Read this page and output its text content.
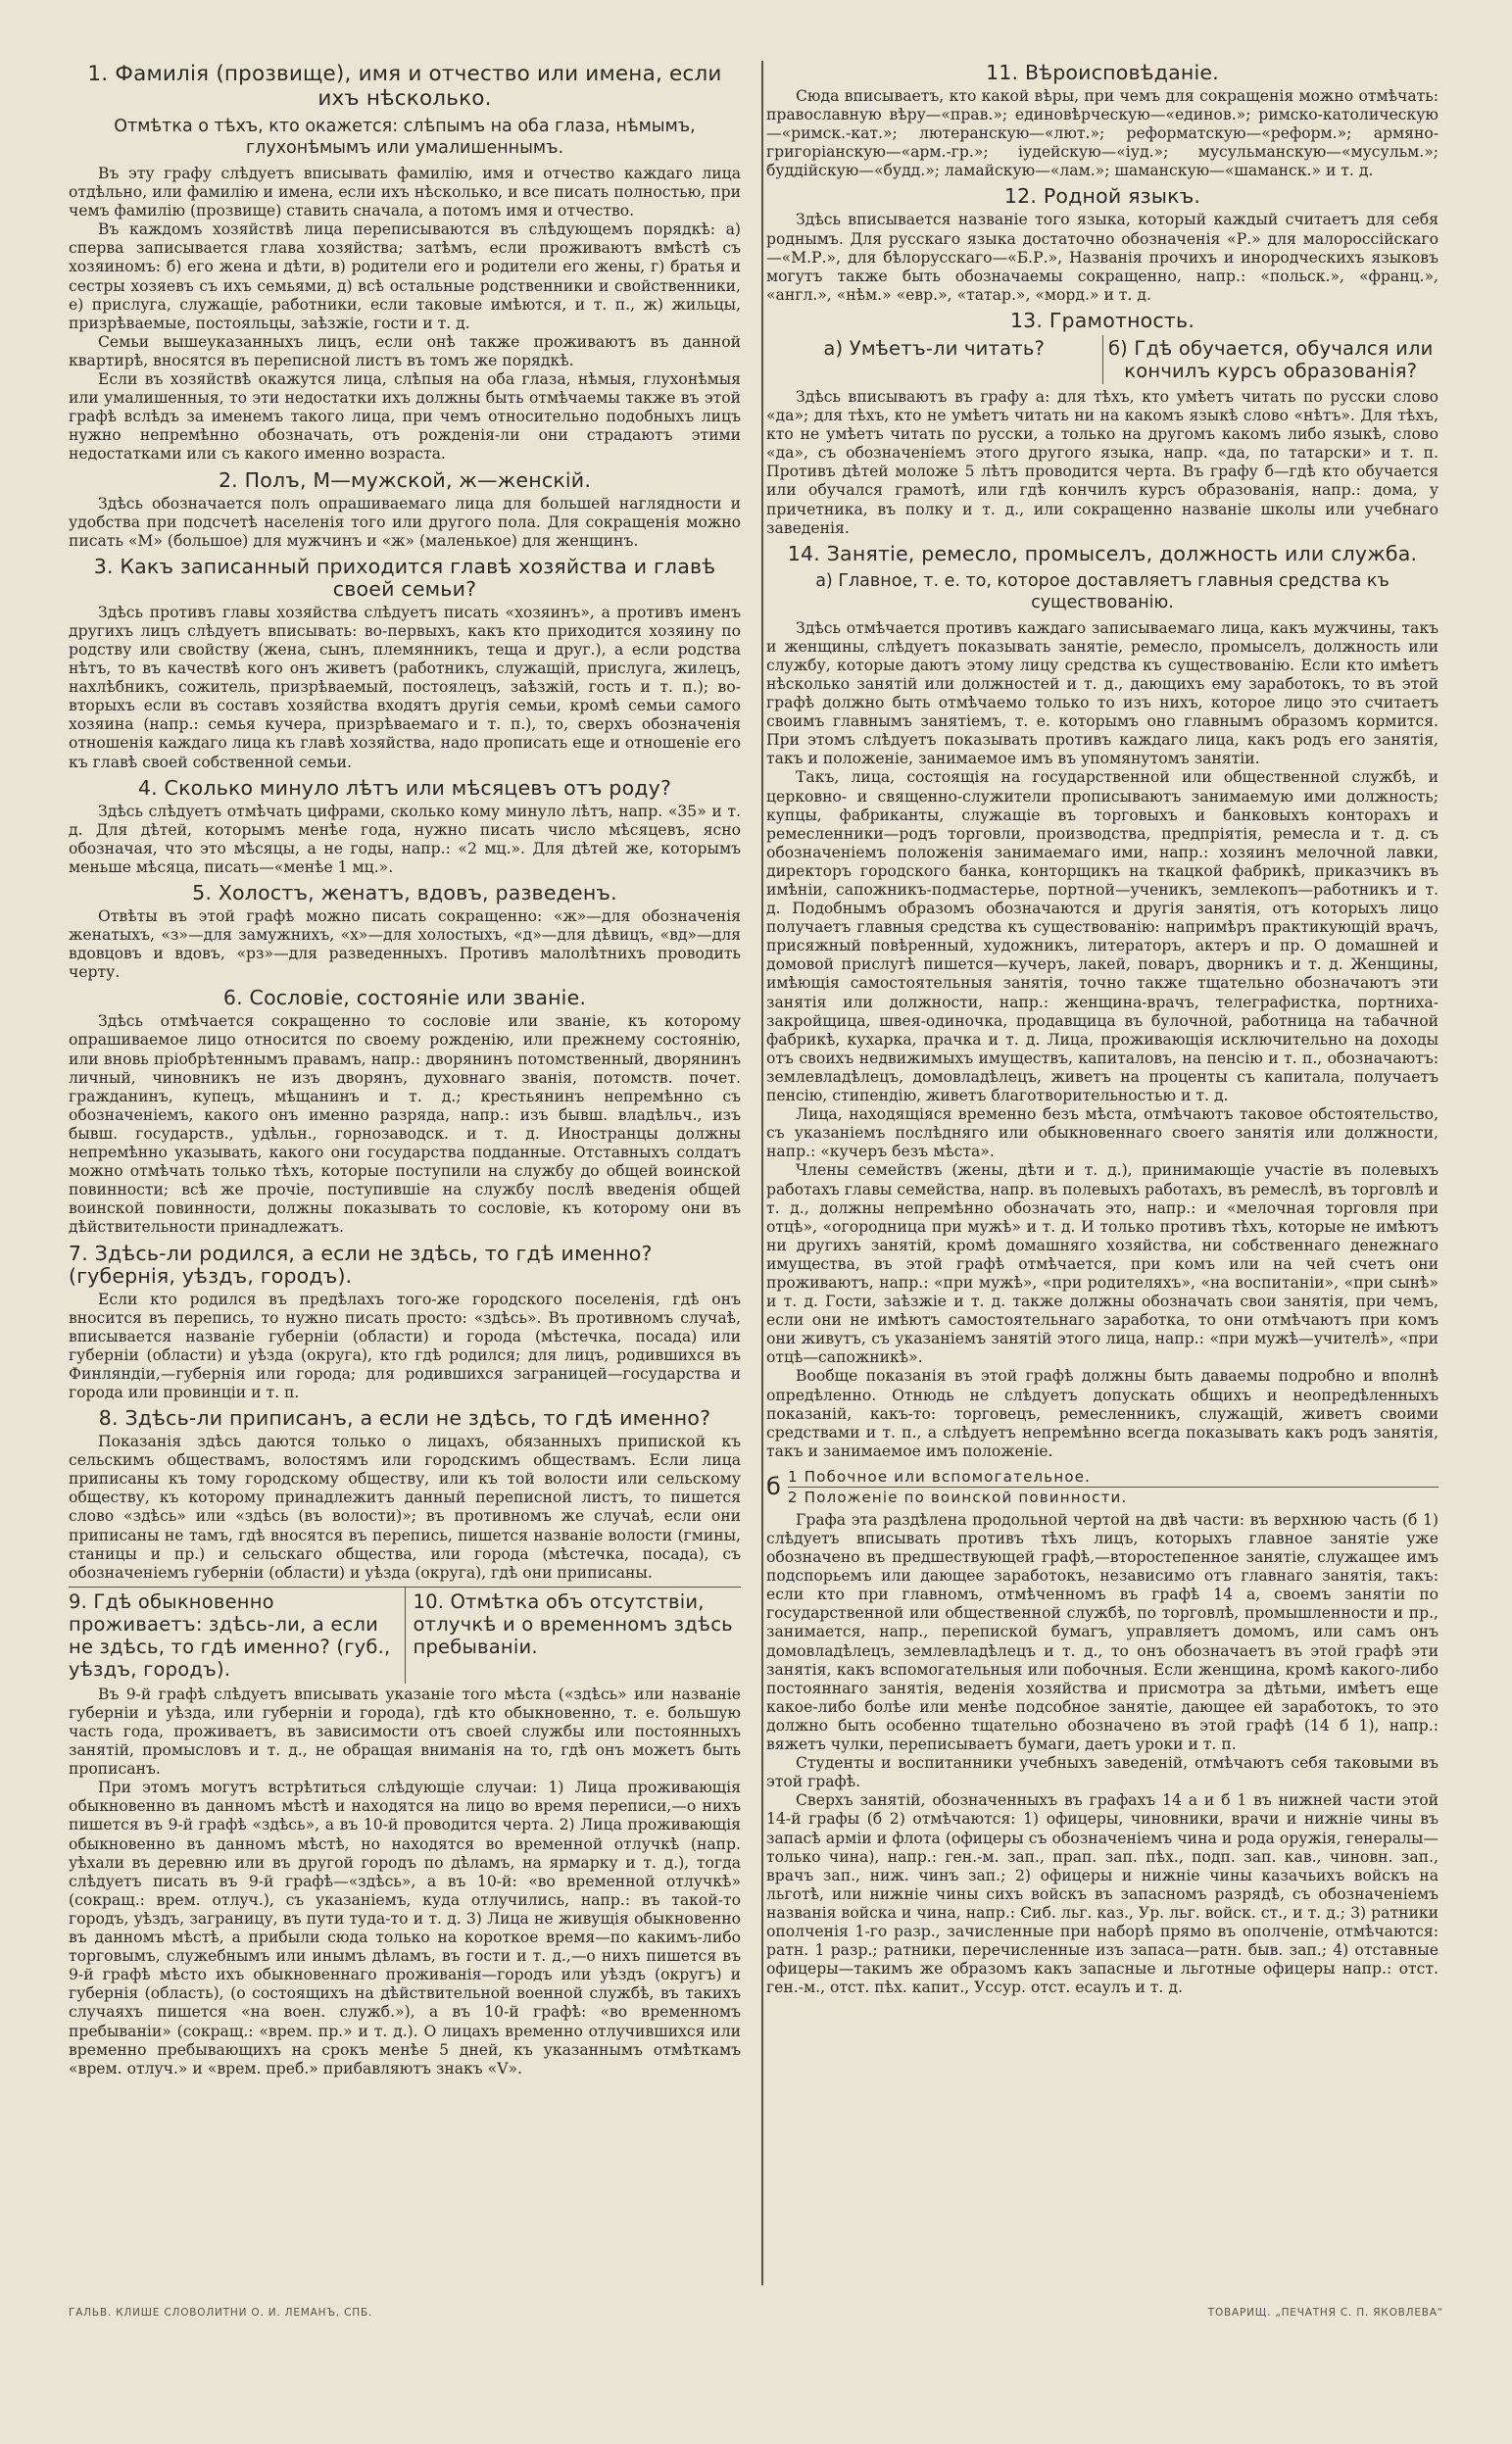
1. Фамилія (прозвище), имя и отчество или имена, если ихъ нѣсколько.
Отмѣтка о тѣхъ, кто окажется: слѣпымъ на оба глаза, нѣмымъ, глухонѣмымъ или умалишеннымъ.

Въ эту графу слѣдуетъ вписывать фамилію, имя и отчество каждаго лица отдѣльно, или фамилію и имена, если ихъ нѣсколько, и все писать полностью, при чемъ фамилію (прозвище) ставить сначала, а потомъ имя и отчество.

Въ каждомъ хозяйствѣ лица переписываются въ слѣдующемъ порядкѣ: а) сперва записывается глава хозяйства; затѣмъ, если проживаютъ вмѣстѣ съ хозяиномъ: б) его жена и дѣти, в) родители его и родители его жены, г) братья и сестры хозяевъ съ ихъ семьями, д) всѣ остальные родственники и свойственники, е) прислуга, служащіе, работники, если таковые имѣются, и т. п., ж) жильцы, призрѣваемые, постояльцы, заѣзжіе, гости и т. д.

Семьи вышеуказанныхъ лицъ, если онѣ также проживаютъ въ данной квартирѣ, вносятся въ переписной листъ въ томъ же порядкѣ.

Если въ хозяйствѣ окажутся лица, слѣпыя на оба глаза, нѣмыя, глухонѣмыя или умалишенныя, то эти недостатки ихъ должны быть отмѣчаемы также въ этой графѣ вслѣдъ за именемъ такого лица, при чемъ относительно подобныхъ лицъ нужно непремѣнно обозначать, отъ рожденія-ли они страдаютъ этими недостатками или съ какого именно возраста.

2. Полъ, М—мужской, ж—женскій.

Здѣсь обозначается полъ опрашиваемаго лица для большей наглядности и удобства при подсчетѣ населенія того или другого пола. Для сокращенія можно писать «М» (большое) для мужчинъ и «ж» (маленькое) для женщинъ.

3. Какъ записанный приходится главѣ хозяйства и главѣ своей семьи?

Здѣсь противъ главы хозяйства слѣдуетъ писать «хозяинъ», а противъ именъ другихъ лицъ слѣдуетъ вписывать: во-первыхъ, какъ кто приходится хозяину по родству или свойству (жена, сынъ, племянникъ, теща и друг.), а если родства нѣтъ, то въ качествѣ кого онъ живетъ (работникъ, служащій, прислуга, жилецъ, нахлѣбникъ, сожитель, призрѣваемый, постоялецъ, заѣзжій, гость и т. п.); во-вторыхъ если въ составъ хозяйства входятъ другія семьи, кромѣ семьи самого хозяина (напр.: семья кучера, призрѣваемаго и т. п.), то, сверхъ обозначенія отношенія каждаго лица къ главѣ хозяйства, надо прописать еще и отношеніе его къ главѣ своей собственной семьи.

4. Сколько минуло лѣтъ или мѣсяцевъ отъ роду?

Здѣсь слѣдуетъ отмѣчать цифрами, сколько кому минуло лѣтъ, напр. «35» и т. д. Для дѣтей, которымъ менѣе года, нужно писать число мѣсяцевъ, ясно обозначая, что это мѣсяцы, а не годы, напр.: «2 мц.». Для дѣтей же, которымъ меньше мѣсяца, писать—«менѣе 1 мц.».

5. Холостъ, женатъ, вдовъ, разведенъ.

Отвѣты въ этой графѣ можно писать сокращенно: «ж»—для обозначенія женатыхъ, «з»—для замужнихъ, «х»—для холостыхъ, «д»—для дѣвицъ, «вд»—для вдовцовъ и вдовъ, «рз»—для разведенныхъ. Противъ малолѣтнихъ проводить черту.

6. Сословіе, состояніе или званіе.

Здѣсь отмѣчается сокращенно то сословіе или званіе, къ которому опрашиваемое лицо относится по своему рожденію, или прежнему состоянію, или вновь пріобрѣтеннымъ правамъ, напр.: дворянинъ потомственный, дворянинъ личный, чиновникъ не изъ дворянъ, духовнаго званія, потомств. почет. гражданинъ, купецъ, мѣщанинъ и т. д.; крестьянинъ непремѣнно съ обозначеніемъ, какого онъ именно разряда, напр.: изъ бывш. владѣльч., изъ бывш. государств., удѣльн., горнозаводск. и т. д. Иностранцы должны непремѣнно указывать, какого они государства подданные. Отставныхъ солдатъ можно отмѣчать только тѣхъ, которые поступили на службу до общей воинской повинности; всѣ же прочіе, поступившіе на службу послѣ введенія общей воинской повинности, должны показывать то сословіе, къ которому они въ дѣйствительности принадлежатъ.

7. Здѣсь-ли родился, а если не здѣсь, то гдѣ именно? (губернія, уѣздъ, городъ).

Если кто родился въ предѣлахъ того-же городского поселенія, гдѣ онъ вносится въ перепись, то нужно писать просто: «здѣсь». Въ противномъ случаѣ, вписывается названіе губерніи (области) и города (мѣстечка, посада) или губерніи (области) и уѣзда (округа), кто гдѣ родился; для лицъ, родившихся въ Финляндіи,—губернія или города; для родившихся заграницей—государства и города или провинціи и т. п.

8. Здѣсь-ли приписанъ, а если не здѣсь, то гдѣ именно?

Показанія здѣсь даются только о лицахъ, обязанныхъ припиской къ сельскимъ обществамъ, волостямъ или городскимъ обществамъ. Если лица приписаны къ тому городскому обществу, или къ той волости или сельскому обществу, къ которому принадлежитъ данный переписной листъ, то пишется слово «здѣсь» или «здѣсь (въ волости)»; въ противномъ же случаѣ, если они приписаны не тамъ, гдѣ вносятся въ перепись, пишется названіе волости (гмины, станицы и пр.) и сельскаго общества, или города (мѣстечка, посада), съ обозначеніемъ губерніи (области) и уѣзда (округа), гдѣ они приписаны.

9. Гдѣ обыкновенно проживаетъ: здѣсь-ли, а если не здѣсь, то гдѣ именно? (губ., уѣздъ, городъ).
10. Отмѣтка объ отсутствіи, отлучкѣ и о временномъ здѣсь пребываніи.

Въ 9-й графѣ слѣдуетъ вписывать указаніе того мѣста («здѣсь» или названіе губерніи и уѣзда, или губерніи и города), гдѣ кто обыкновенно, т. е. большую часть года, проживаетъ, въ зависимости отъ своей службы или постоянныхъ занятій, промысловъ и т. д., не обращая вниманія на то, гдѣ онъ можетъ быть прописанъ.

При этомъ могутъ встрѣтиться слѣдующіе случаи: 1) Лица проживающія обыкновенно въ данномъ мѣстѣ и находятся на лицо во время переписи,—о нихъ пишется въ 9-й графѣ «здѣсь», а въ 10-й проводится черта. 2) Лица проживающія обыкновенно въ данномъ мѣстѣ, но находятся во временной отлучкѣ (напр. уѣхали въ деревню или въ другой городъ по дѣламъ, на ярмарку и т. д.), тогда слѣдуетъ писать въ 9-й графѣ—«здѣсь», а въ 10-й: «во временной отлучкѣ» (сокращ.: врем. отлуч.), съ указаніемъ, куда отлучились, напр.: въ такой-то городъ, уѣздъ, заграницу, въ пути туда-то и т. д. 3) Лица не живущія обыкновенно въ данномъ мѣстѣ, а прибыли сюда только на короткое время—по какимъ-либо торговымъ, служебнымъ или инымъ дѣламъ, въ гости и т. д.,—о нихъ пишется въ 9-й графѣ мѣсто ихъ обыкновеннаго проживанія—городъ или уѣздъ (округъ) и губернія (область), (о состоящихъ на дѣйствительной военной службѣ, въ такихъ случаяхъ пишется «на воен. служб.»), а въ 10-й графѣ: «во временномъ пребываніи» (сокращ.: «врем. пр.» и т. д.). О лицахъ временно отлучившихся или временно пребывающихъ на срокъ менѣе 5 дней, къ указаннымъ отмѣткамъ «врем. отлуч.» и «врем. преб.» прибавляютъ знакъ «V».

11. Вѣроисповѣданіе.

Сюда вписываетъ, кто какой вѣры, при чемъ для сокращенія можно отмѣчать: православную вѣру—«прав.»; единовѣрческую—«единов.»; римско-католическую—«римск.-кат.»; лютеранскую—«лют.»; реформатскую—«реформ.»; армяно-григоріанскую—«арм.-гр.»; іудейскую—«іуд.»; мусульманскую—«мусульм.»; буддійскую—«будд.»; ламайскую—«лам.»; шаманскую—«шаманск.» и т. д.

12. Родной языкъ.

Здѣсь вписывается названіе того языка, который каждый считаетъ для себя роднымъ. Для русскаго языка достаточно обозначенія «Р.» для малороссійскаго—«М.Р.», для бѣлорусскаго—«Б.Р.», Названія прочихъ и инородческихъ языковъ могутъ также быть обозначаемы сокращенно, напр.: «польск.», «франц.», «англ.», «нѣм.» «евр.», «татар.», «морд.» и т. д.

13. Грамотность.
а) Умѣетъ-ли читать?	б) Гдѣ обучается, обучался или кончилъ курсъ образованія?

Здѣсь вписываютъ въ графу а: для тѣхъ, кто умѣетъ читать по русски слово «да»; для тѣхъ, кто не умѣетъ читать ни на какомъ языкѣ слово «нѣтъ». Для тѣхъ, кто не умѣетъ читать по русски, а только на другомъ какомъ либо языкѣ, слово «да», съ обозначеніемъ этого другого языка, напр. «да, по татарски» и т. п. Противъ дѣтей моложе 5 лѣтъ проводится черта. Въ графу б—гдѣ кто обучается или обучался грамотѣ, или гдѣ кончилъ курсъ образованія, напр.: дома, у причетника, въ полку и т. д., или сокращенно названіе школы или учебнаго заведенія.

14. Занятіе, ремесло, промыселъ, должность или служба.
а) Главное, т. е. то, которое доставляетъ главныя средства къ существованію.

Здѣсь отмѣчается противъ каждаго записываемаго лица, какъ мужчины, такъ и женщины, слѣдуетъ показывать занятіе, ремесло, промыселъ, должность или службу, которые даютъ этому лицу средства къ существованію. Если кто имѣетъ нѣсколько занятій или должностей и т. д., дающихъ ему заработокъ, то въ этой графѣ должно быть отмѣчаемо только то изъ нихъ, которое лицо это считаетъ своимъ главнымъ занятіемъ, т. е. которымъ оно главнымъ образомъ кормится. При этомъ слѣдуетъ показывать противъ каждаго лица, какъ родъ его занятія, такъ и положеніе, занимаемое имъ въ упомянутомъ занятіи.

Такъ, лица, состоящія на государственной или общественной службѣ, и церковно- и священно-служители прописываютъ занимаемую ими должность; купцы, фабриканты, служащіе въ торговыхъ и банковыхъ конторахъ и ремесленники—родъ торговли, производства, предпріятія, ремесла и т. д. съ обозначеніемъ положенія занимаемаго ими, напр.: хозяинъ мелочной лавки, директоръ городского банка, конторщикъ на ткацкой фабрикѣ, приказчикъ въ имѣніи, сапожникъ-подмастерье, портной—ученикъ, землекопъ—работникъ и т. д. Подобнымъ образомъ обозначаются и другія занятія, отъ которыхъ лицо получаетъ главныя средства къ существованію: напримѣръ практикующій врачъ, присяжный повѣренный, художникъ, литераторъ, актеръ и пр. О домашней и домовой прислугѣ пишется—кучеръ, лакей, поваръ, дворникъ и т. д. Женщины, имѣющія самостоятельныя занятія, точно также тщательно обозначаютъ эти занятія или должности, напр.: женщина-врачъ, телеграфистка, портниха-закройщица, швея-одиночка, продавщица въ булочной, работница на табачной фабрикѣ, кухарка, прачка и т. д. Лица, проживающія исключительно на доходы отъ своихъ недвижимыхъ имуществъ, капиталовъ, на пенсію и т. п., обозначаютъ: землевладѣлецъ, домовладѣлецъ, живетъ на проценты съ капитала, получаетъ пенсію, стипендію, живетъ благотворительностью и т. д.

Лица, находящіяся временно безъ мѣста, отмѣчаютъ таковое обстоятельство, съ указаніемъ послѣдняго или обыкновеннаго своего занятія или должности, напр.: «кучеръ безъ мѣста».

Члены семействъ (жены, дѣти и т. д.), принимающіе участіе въ полевыхъ работахъ главы семейства, напр. въ полевыхъ работахъ, въ ремеслѣ, въ торговлѣ и т. д., должны непремѣнно обозначать это, напр.: и «мелочная торговля при отцѣ», «огородница при мужѣ» и т. д. И только противъ тѣхъ, которые не имѣютъ ни другихъ занятій, кромѣ домашняго хозяйства, ни собственнаго денежнаго имущества, въ этой графѣ отмѣчается, при комъ или на чей счетъ они проживаютъ, напр.: «при мужѣ», «при родителяхъ», «на воспитаніи», «при сынѣ» и т. д. Гости, заѣзжіе и т. д. также должны обозначать свои занятія, при чемъ, если они не имѣютъ самостоятельнаго заработка, то они отмѣчаютъ при комъ они живутъ, съ указаніемъ занятій этого лица, напр.: «при мужѣ—учителѣ», «при отцѣ—сапожникѣ».

Вообще показанія въ этой графѣ должны быть даваемы подробно и вполнѣ опредѣленно. Отнюдь не слѣдуетъ допускать общихъ и неопредѣленныхъ показаній, какъ-то: торговецъ, ремесленникъ, служащій, живетъ своими средствами и т. п., а слѣдуетъ непремѣнно всегда показывать какъ родъ занятія, такъ и занимаемое имъ положеніе.

б 1 Побочное или вспомогательное.
2 Положеніе по воинской повинности.

Графа эта раздѣлена продольной чертой на двѣ части: въ верхнюю часть (б 1) слѣдуетъ вписывать противъ тѣхъ лицъ, которыхъ главное занятіе уже обозначено въ предшествующей графѣ,—второстепенное занятіе, служащее имъ подспорьемъ или дающее заработокъ, независимо отъ главнаго занятія, такъ: если кто при главномъ, отмѣченномъ въ графѣ 14 а, своемъ занятіи по государственной или общественной службѣ, по торговлѣ, промышленности и пр., занимается, напр., перепиской бумагъ, управляетъ домомъ, или самъ онъ домовладѣлецъ, землевладѣлецъ и т. д., то онъ обозначаетъ въ этой графѣ эти занятія, какъ вспомогательныя или побочныя. Если женщина, кромѣ какого-либо постояннаго занятія, веденія хозяйства и присмотра за дѣтьми, имѣетъ еще какое-либо болѣе или менѣе подсобное занятіе, дающее ей заработокъ, то это должно быть особенно тщательно обозначено въ этой графѣ (14 б 1), напр.: вяжетъ чулки, переписываетъ бумаги, даетъ уроки и т. п.

Студенты и воспитанники учебныхъ заведеній, отмѣчаютъ себя таковыми въ этой графѣ.

Сверхъ занятій, обозначенныхъ въ графахъ 14 а и б 1 въ нижней части этой 14-й графы (б 2) отмѣчаются: 1) офицеры, чиновники, врачи и нижніе чины въ запасѣ арміи и флота (офицеры съ обозначеніемъ чина и рода оружія, генералы—только чина), напр.: ген.-м. зап., прап. зап. пѣх., подп. зап. кав., чиновн. зап., врачъ зап., ниж. чинъ зап.; 2) офицеры и нижніе чины казачьихъ войскъ на льготѣ, или нижніе чины сихъ войскъ въ запасномъ разрядѣ, съ обозначеніемъ названія войска и чина, напр.: Сиб. льг. каз., Ур. льг. войск. ст., и т. д.; 3) ратники ополченія 1-го разр., зачисленные при наборѣ прямо въ ополченіе, отмѣчаются: ратн. 1 разр.; ратники, перечисленные изъ запаса—ратн. быв. зап.; 4) отставные офицеры—такимъ же образомъ какъ запасные и льготные офицеры напр.: отст. ген.-м., отст. пѣх. капит., Уссур. отст. есаулъ и т. д.

ГАЛЬВ. КЛИШЕ СЛОВОЛИТНИ О. И. ЛЕМАНЪ, СПБ.	ТОВАРИЩ. „ПЕЧАТНЯ С. П. ЯКОВЛЕВА“
